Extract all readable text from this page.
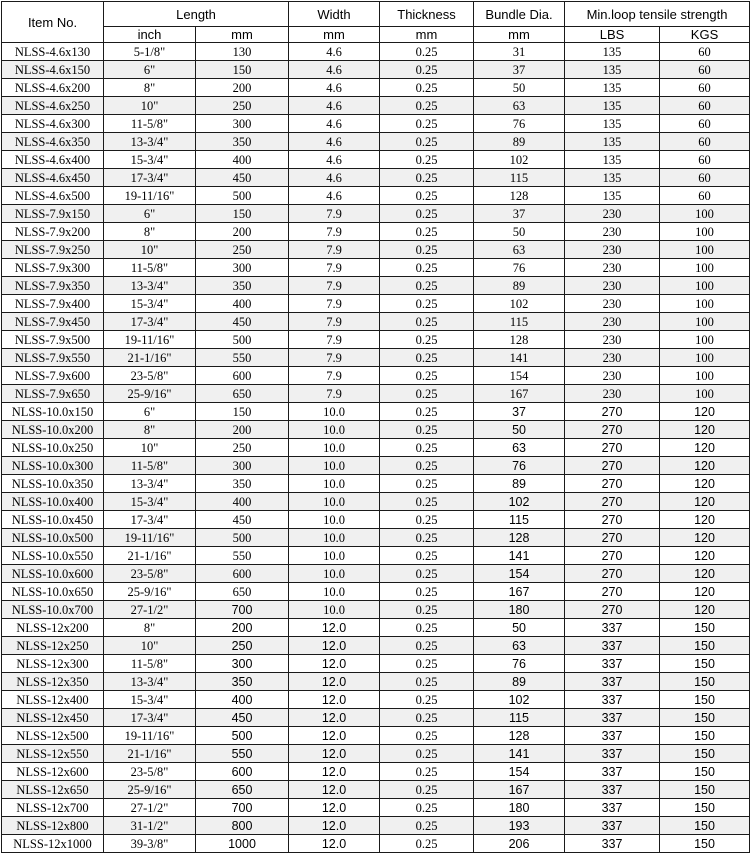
Item No.	Length		Width	Thickness	Bundle Dia.	Min.loop tensile strength	
	inch	mm	mm	mm	mm	LBS	KGS
NLSS-4.6x130	5-1/8"	130	4.6	0.25	31	135	60
NLSS-4.6x150	6"	150	4.6	0.25	37	135	60
NLSS-4.6x200	8"	200	4.6	0.25	50	135	60
NLSS-4.6x250	10"	250	4.6	0.25	63	135	60
NLSS-4.6x300	11-5/8"	300	4.6	0.25	76	135	60
NLSS-4.6x350	13-3/4"	350	4.6	0.25	89	135	60
NLSS-4.6x400	15-3/4"	400	4.6	0.25	102	135	60
NLSS-4.6x450	17-3/4"	450	4.6	0.25	115	135	60
NLSS-4.6x500	19-11/16"	500	4.6	0.25	128	135	60
NLSS-7.9x150	6"	150	7.9	0.25	37	230	100
NLSS-7.9x200	8"	200	7.9	0.25	50	230	100
NLSS-7.9x250	10"	250	7.9	0.25	63	230	100
NLSS-7.9x300	11-5/8"	300	7.9	0.25	76	230	100
NLSS-7.9x350	13-3/4"	350	7.9	0.25	89	230	100
NLSS-7.9x400	15-3/4"	400	7.9	0.25	102	230	100
NLSS-7.9x450	17-3/4"	450	7.9	0.25	115	230	100
NLSS-7.9x500	19-11/16"	500	7.9	0.25	128	230	100
NLSS-7.9x550	21-1/16"	550	7.9	0.25	141	230	100
NLSS-7.9x600	23-5/8"	600	7.9	0.25	154	230	100
NLSS-7.9x650	25-9/16"	650	7.9	0.25	167	230	100
NLSS-10.0x150	6"	150	10.0	0.25	37	270	120
NLSS-10.0x200	8"	200	10.0	0.25	50	270	120
NLSS-10.0x250	10"	250	10.0	0.25	63	270	120
NLSS-10.0x300	11-5/8"	300	10.0	0.25	76	270	120
NLSS-10.0x350	13-3/4"	350	10.0	0.25	89	270	120
NLSS-10.0x400	15-3/4"	400	10.0	0.25	102	270	120
NLSS-10.0x450	17-3/4"	450	10.0	0.25	115	270	120
NLSS-10.0x500	19-11/16"	500	10.0	0.25	128	270	120
NLSS-10.0x550	21-1/16"	550	10.0	0.25	141	270	120
NLSS-10.0x600	23-5/8"	600	10.0	0.25	154	270	120
NLSS-10.0x650	25-9/16"	650	10.0	0.25	167	270	120
NLSS-10.0x700	27-1/2"	700	10.0	0.25	180	270	120
NLSS-12x200	8"	200	12.0	0.25	50	337	150
NLSS-12x250	10"	250	12.0	0.25	63	337	150
NLSS-12x300	11-5/8"	300	12.0	0.25	76	337	150
NLSS-12x350	13-3/4"	350	12.0	0.25	89	337	150
NLSS-12x400	15-3/4"	400	12.0	0.25	102	337	150
NLSS-12x450	17-3/4"	450	12.0	0.25	115	337	150
NLSS-12x500	19-11/16"	500	12.0	0.25	128	337	150
NLSS-12x550	21-1/16"	550	12.0	0.25	141	337	150
NLSS-12x600	23-5/8"	600	12.0	0.25	154	337	150
NLSS-12x650	25-9/16"	650	12.0	0.25	167	337	150
NLSS-12x700	27-1/2"	700	12.0	0.25	180	337	150
NLSS-12x800	31-1/2"	800	12.0	0.25	193	337	150
NLSS-12x1000	39-3/8"	1000	12.0	0.25	206	337	150
